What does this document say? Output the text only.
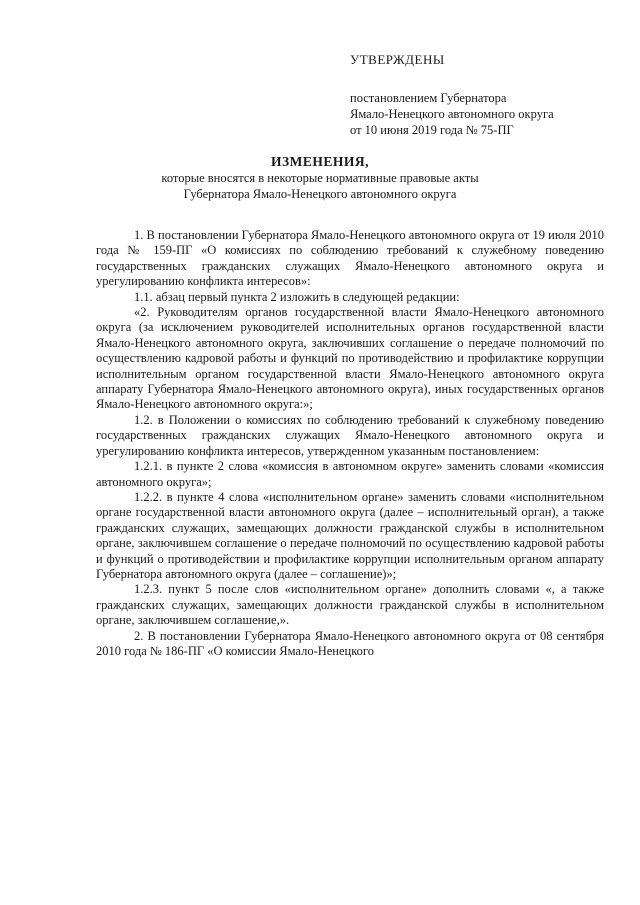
УТВЕРЖДЕНЫ
постановлением Губернатора
Ямало-Ненецкого автономного округа
от 10 июня 2019 года № 75-ПГ
ИЗМЕНЕНИЯ,
которые вносятся в некоторые нормативные правовые акты
Губернатора Ямало-Ненецкого автономного округа

1. В постановлении Губернатора Ямало-Ненецкого автономного округа от 19 июля 2010 года № 159-ПГ «О комиссиях по соблюдению требований к служебному поведению государственных гражданских служащих Ямало-Ненецкого автономного округа и урегулированию конфликта интересов»:

1.1. абзац первый пункта 2 изложить в следующей редакции:

«2. Руководителям органов государственной власти Ямало-Ненецкого автономного округа (за исключением руководителей исполнительных органов государственной власти Ямало-Ненецкого автономного округа, заключивших соглашение о передаче полномочий по осуществлению кадровой работы и функций по противодействию и профилактике коррупции исполнительным органом государственной власти Ямало-Ненецкого автономного округа аппарату Губернатора Ямало-Ненецкого автономного округа), иных государственных органов Ямало-Ненецкого автономного округа:»;

1.2. в Положении о комиссиях по соблюдению требований к служебному поведению государственных гражданских служащих Ямало-Ненецкого автономного округа и урегулированию конфликта интересов, утвержденном указанным постановлением:

1.2.1. в пункте 2 слова «комиссия в автономном округе» заменить словами «комиссия автономного округа»;

1.2.2. в пункте 4 слова «исполнительном органе» заменить словами «исполнительном органе государственной власти автономного округа (далее – исполнительный орган), а также гражданских служащих, замещающих должности гражданской службы в исполнительном органе, заключившем соглашение о передаче полномочий по осуществлению кадровой работы и функций о противодействии и профилактике коррупции исполнительным органом аппарату Губернатора автономного округа (далее – соглашение)»;

1.2.3. пункт 5 после слов «исполнительном органе» дополнить словами «, а также гражданских служащих, замещающих должности гражданской службы в исполнительном органе, заключившем соглашение,».

2. В постановлении Губернатора Ямало-Ненецкого автономного округа от 08 сентября 2010 года № 186-ПГ «О комиссии Ямало-Ненецкого
